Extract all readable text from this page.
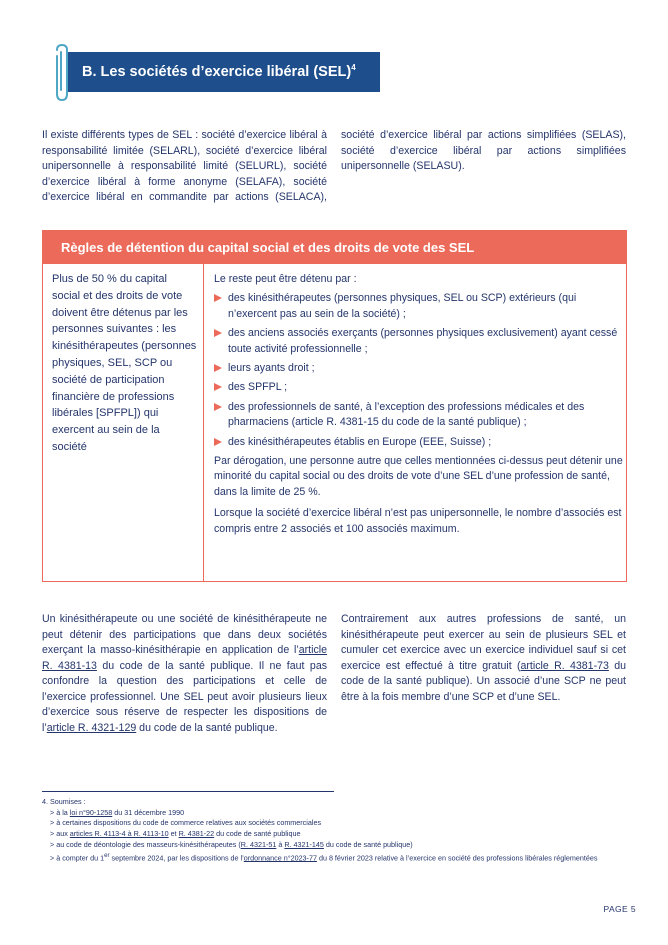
B. Les sociétés d’exercice libéral (SEL)$^4$
Il existe différents types de SEL : société d’exercice libéral à responsabilité limitée (SELARL), société d’exercice libéral unipersonnelle à responsabilité limité (SELURL), société d’exercice libéral à forme anonyme (SELAFA), société d’exercice libéral en commandite par actions (SELACA), société d’exercice libéral par actions simplifiées (SELAS), société d’exercice libéral par actions simplifiées unipersonnelle (SELASU).
Règles de détention du capital social et des droits de vote des SEL
Plus de 50 % du capital social et des droits de vote doivent être détenus par les personnes suivantes : les kinésithérapeutes (personnes physiques, SEL, SCP ou société de participation financière de professions libérales [SPFPL]) qui exercent au sein de la société
Le reste peut être détenu par :
des kinésithérapeutes (personnes physiques, SEL ou SCP) extérieurs (qui n’exercent pas au sein de la société) ;
des anciens associés exerçants (personnes physiques exclusivement) ayant cessé toute activité professionnelle ;
leurs ayants droit ;
des SPFPL ;
des professionnels de santé, à l’exception des professions médicales et des pharmaciens (article R. 4381-15 du code de la santé publique) ;
des kinésithérapeutes établis en Europe (EEE, Suisse) ;

Par dérogation, une personne autre que celles mentionnées ci-dessus peut détenir une minorité du capital social ou des droits de vote d’une SEL d’une profession de santé, dans la limite de 25 %.

Lorsque la société d’exercice libéral n’est pas unipersonnelle, le nombre d’associés est compris entre 2 associés et 100 associés maximum.

Un kinésithérapeute ou une société de kinésithérapeute ne peut détenir des participations que dans deux sociétés exerçant la masso-kinésithérapie en application de l’article R. 4381-13 du code de la santé publique. Il ne faut pas confondre la question des participations et celle de l’exercice professionnel. Une SEL peut avoir plusieurs lieux d’exercice sous réserve de respecter les dispositions de l’article R. 4321-129 du code de la santé publique.

Contrairement aux autres professions de santé, un kinésithérapeute peut exercer au sein de plusieurs SEL et cumuler cet exercice avec un exercice individuel sauf si cet exercice est effectué à titre gratuit (article R. 4381-73 du code de la santé publique). Un associé d’une SCP ne peut être à la fois membre d’une SCP et d’une SEL.

4. Soumises :
> à la loi n°90-1258 du 31 décembre 1990
> à certaines dispositions du code de commerce relatives aux sociétés commerciales
> aux articles R. 4113-4 à R. 4113-10 et R. 4381-22 du code de santé publique
> au code de déontologie des masseurs-kinésithérapeutes (R. 4321-51 à R. 4321-145 du code de santé publique)
> à compter du 1er septembre 2024, par les dispositions de l’ordonnance n°2023-77 du 8 février 2023 relative à l’exercice en société des professions libérales réglementées
PAGE 5
